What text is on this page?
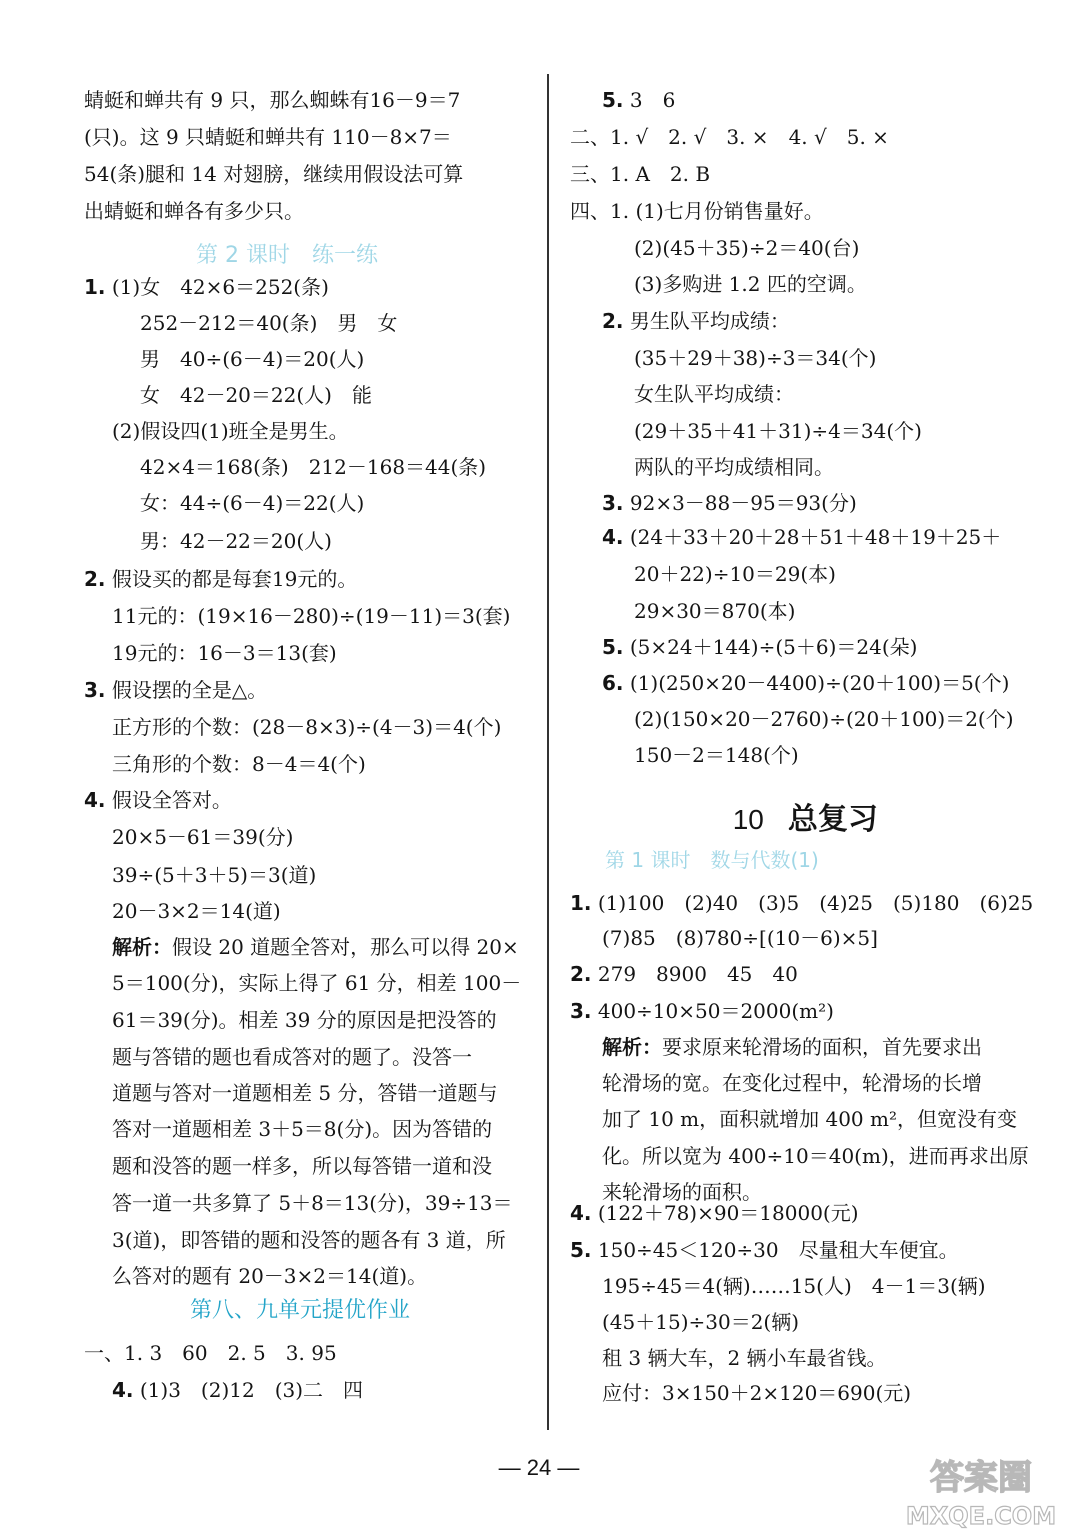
蜻蜓和蝉共有 9 只，那么蜘蛛有16－9＝7
(只)。这 9 只蜻蜓和蝉共有 110－8×7＝
54(条)腿和 14 对翅膀，继续用假设法可算
出蜻蜓和蝉各有多少只。
1. (1)女　42×6＝252(条)
252－212＝40(条)　男　女
男　40÷(6－4)＝20(人)
女　42－20＝22(人)　能
(2)假设四(1)班全是男生。
42×4＝168(条)　212－168＝44(条)
女：44÷(6－4)＝22(人)
男：42－22＝20(人)
2. 假设买的都是每套19元的。
11元的：(19×16－280)÷(19－11)＝3(套)
19元的：16－3＝13(套)
3. 假设摆的全是△。
正方形的个数：(28－8×3)÷(4－3)＝4(个)
三角形的个数：8－4＝4(个)
4. 假设全答对。
20×5－61＝39(分)
39÷(5＋3＋5)＝3(道)
20－3×2＝14(道)
解析：假设 20 道题全答对，那么可以得 20×
5＝100(分)，实际上得了 61 分，相差 100－
61＝39(分)。相差 39 分的原因是把没答的
题与答错的题也看成答对的题了。没答一
道题与答对一道题相差 5 分，答错一道题与
答对一道题相差 3＋5＝8(分)。因为答错的
题和没答的题一样多，所以每答错一道和没
答一道一共多算了 5＋8＝13(分)，39÷13＝
3(道)，即答错的题和没答的题各有 3 道，所
么答对的题有 20－3×2＝14(道)。
一、1. 3　60　2. 5　3. 95
4. (1)3　(2)12　(3)二　四
5. 3　6
二、1. √　2. √　3. ×　4. √　5. ×
三、1. A　2. B
四、1. (1)七月份销售量好。
(2)(45＋35)÷2＝40(台)
(3)多购进 1.2 匹的空调。
2. 男生队平均成绩：
(35＋29＋38)÷3＝34(个)
女生队平均成绩：
(29＋35＋41＋31)÷4＝34(个)
两队的平均成绩相同。
3. 92×3－88－95＝93(分)
4. (24＋33＋20＋28＋51＋48＋19＋25＋
20＋22)÷10＝29(本)
29×30＝870(本)
5. (5×24＋144)÷(5＋6)＝24(朵)
6. (1)(250×20－4400)÷(20＋100)＝5(个)
(2)(150×20－2760)÷(20＋100)＝2(个)
150－2＝148(个)
1. (1)100　(2)40　(3)5　(4)25　(5)180　(6)25
(7)85　(8)780÷[(10－6)×5]
2. 279　8900　45　40
3. 400÷10×50＝2000(m²)
解析：要求原来轮滑场的面积，首先要求出
轮滑场的宽。在变化过程中，轮滑场的长增
加了 10 m，面积就增加 400 m²，但宽没有变
化。所以宽为 400÷10＝40(m)，进而再求出原
来轮滑场的面积。
4. (122＋78)×90＝18000(元)
5. 150÷45＜120÷30　尽量租大车便宜。
195÷45＝4(辆)……15(人)　4－1＝3(辆)
(45＋15)÷30＝2(辆)
租 3 辆大车，2 辆小车最省钱。
应付：3×150＋2×120＝690(元)
第 2 课时　练一练
第八、九单元提优作业

10 总复习

第 1 课时　数与代数(1)
— 24 —	答案圈
MXQE.COM
